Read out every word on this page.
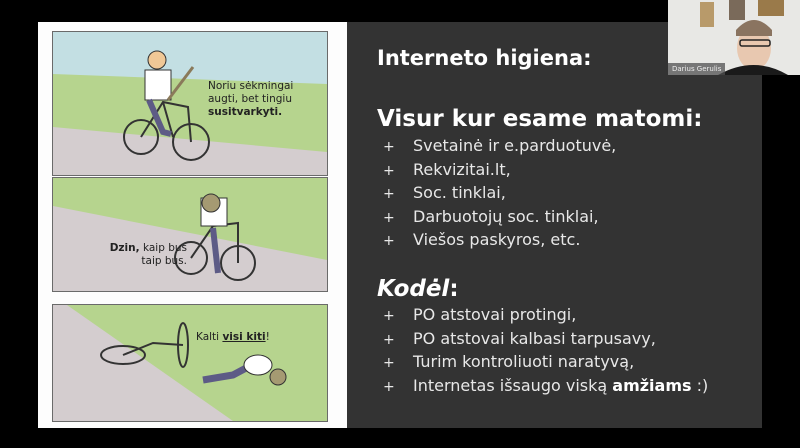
Noriu sėkmingai
augti, bet tingiu
susitvarkyti.
Dzin, kaip bus
taip bus.
Kalti visi kiti!
Interneto higiena:
Visur kur esame matomi:
+ Svetainė ir e.parduotuvė,
+ Rekvizitai.lt,
+ Soc. tinklai,
+ Darbuotojų soc. tinklai,
+ Viešos paskyros, etc.
Kodėl:
+ PO atstovai protingi,
+ PO atstovai kalbasi tarpusavy,
+ Turim kontroliuoti naratyvą,
+ Internetas išsaugo viską amžiams :)
Darius Gerulis
